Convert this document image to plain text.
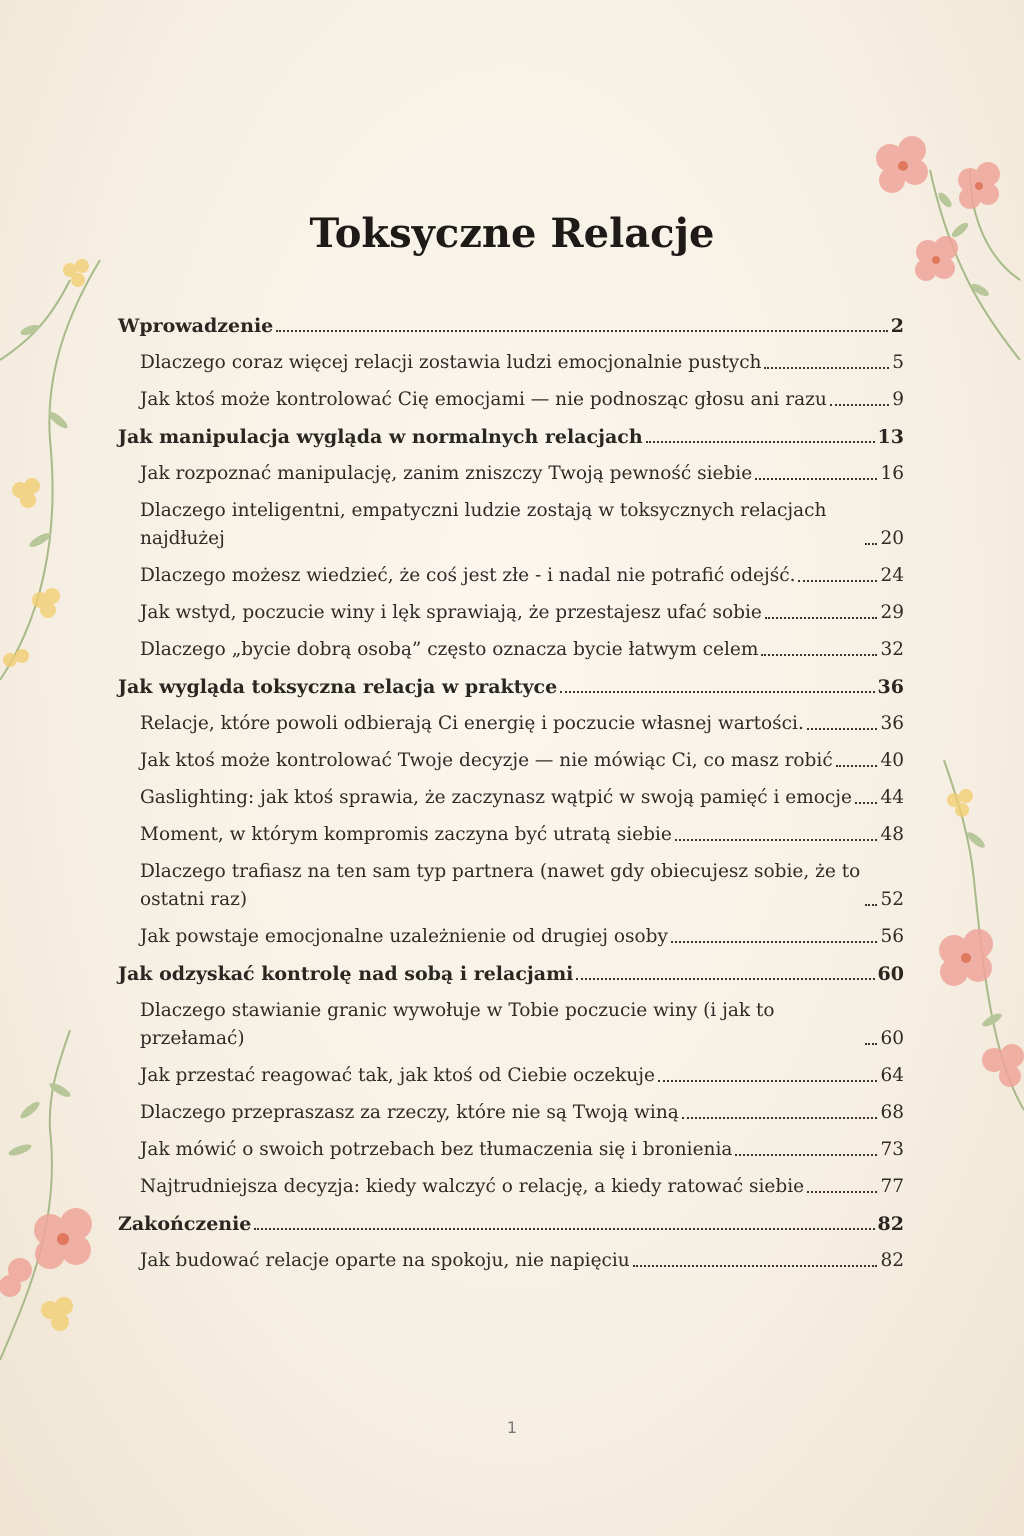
Toksyczne Relacje
Wprowadzenie	2
Dlaczego coraz więcej relacji zostawia ludzi emocjonalnie pustych	5
Jak ktoś może kontrolować Cię emocjami — nie podnosząc głosu ani razu	9
Jak manipulacja wygląda w normalnych relacjach	13
Jak rozpoznać manipulację, zanim zniszczy Twoją pewność siebie	16
Dlaczego inteligentni, empatyczni ludzie zostają w toksycznych relacjach najdłużej	20
Dlaczego możesz wiedzieć, że coś jest złe - i nadal nie potrafić odejść.	24
Jak wstyd, poczucie winy i lęk sprawiają, że przestajesz ufać sobie	29
Dlaczego „bycie dobrą osobą” często oznacza bycie łatwym celem	32
Jak wygląda toksyczna relacja w praktyce	36
Relacje, które powoli odbierają Ci energię i poczucie własnej wartości.	36
Jak ktoś może kontrolować Twoje decyzje — nie mówiąc Ci, co masz robić	40
Gaslighting: jak ktoś sprawia, że zaczynasz wątpić w swoją pamięć i emocje 44
Moment, w którym kompromis zaczyna być utratą siebie	48
Dlaczego trafiasz na ten sam typ partnera (nawet gdy obiecujesz sobie, że to ostatni raz)	52
Jak powstaje emocjonalne uzależnienie od drugiej osoby	56
Jak odzyskać kontrolę nad sobą i relacjami	60
Dlaczego stawianie granic wywołuje w Tobie poczucie winy (i jak to przełamać)	60
Jak przestać reagować tak, jak ktoś od Ciebie oczekuje	64
Dlaczego przepraszasz za rzeczy, które nie są Twoją winą	68
Jak mówić o swoich potrzebach bez tłumaczenia się i bronienia	73
Najtrudniejsza decyzja: kiedy walczyć o relację, a kiedy ratować siebie	77
Zakończenie	82
Jak budować relacje oparte na spokoju, nie napięciu	82
1
